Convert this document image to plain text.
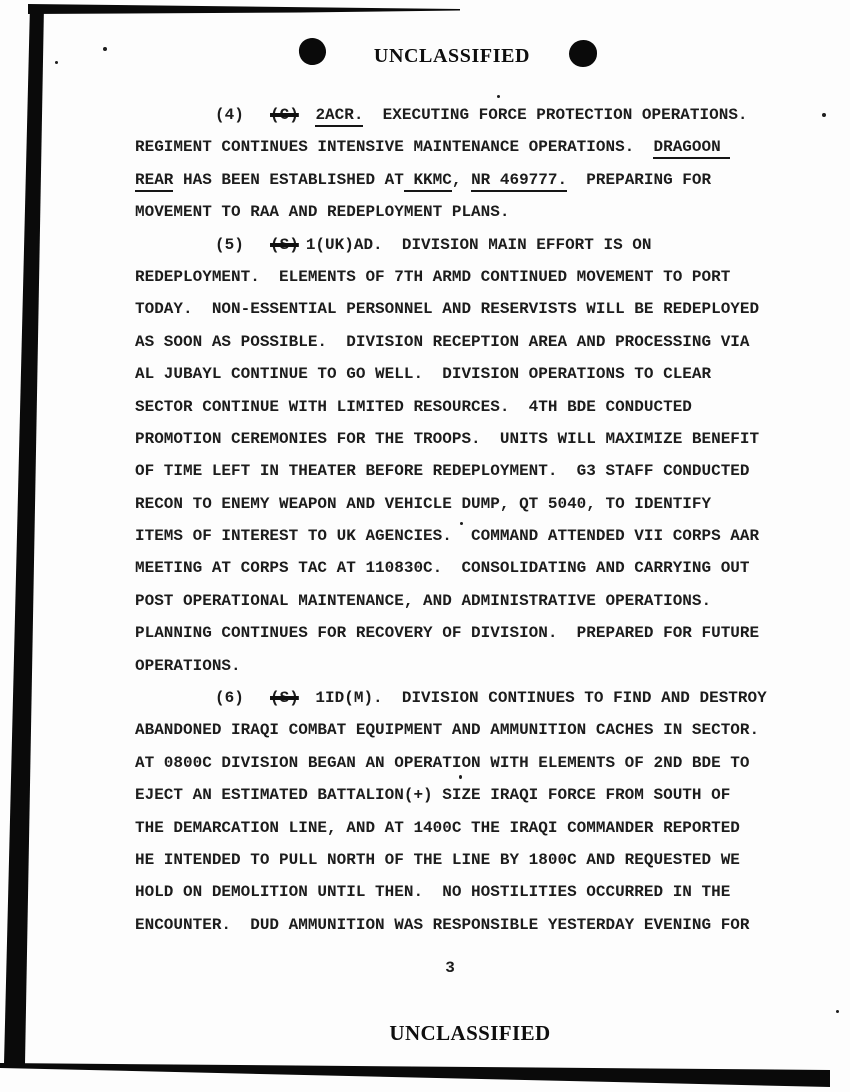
UNCLASSIFIED
(4)  (C) 2ACR.  EXECUTING FORCE PROTECTION OPERATIONS.
REGIMENT CONTINUES INTENSIVE MAINTENANCE OPERATIONS.  DRAGOON
REAR HAS BEEN ESTABLISHED AT KKMC, NR 469777.  PREPARING FOR
MOVEMENT TO RAA AND REDEPLOYMENT PLANS.
(5)  (S) 1(UK)AD.  DIVISION MAIN EFFORT IS ON
REDEPLOYMENT.  ELEMENTS OF 7TH ARMD CONTINUED MOVEMENT TO PORT
TODAY.  NON-ESSENTIAL PERSONNEL AND RESERVISTS WILL BE REDEPLOYED
AS SOON AS POSSIBLE.  DIVISION RECEPTION AREA AND PROCESSING VIA
AL JUBAYL CONTINUE TO GO WELL.  DIVISION OPERATIONS TO CLEAR
SECTOR CONTINUE WITH LIMITED RESOURCES.  4TH BDE CONDUCTED
PROMOTION CEREMONIES FOR THE TROOPS.  UNITS WILL MAXIMIZE BENEFIT
OF TIME LEFT IN THEATER BEFORE REDEPLOYMENT.  G3 STAFF CONDUCTED
RECON TO ENEMY WEAPON AND VEHICLE DUMP, QT 5040, TO IDENTIFY
ITEMS OF INTEREST TO UK AGENCIES.  COMMAND ATTENDED VII CORPS AAR
MEETING AT CORPS TAC AT 110830C.  CONSOLIDATING AND CARRYING OUT
POST OPERATIONAL MAINTENANCE, AND ADMINISTRATIVE OPERATIONS.
PLANNING CONTINUES FOR RECOVERY OF DIVISION.  PREPARED FOR FUTURE
OPERATIONS.
(6)  (S) 1ID(M).  DIVISION CONTINUES TO FIND AND DESTROY
ABANDONED IRAQI COMBAT EQUIPMENT AND AMMUNITION CACHES IN SECTOR.
AT 0800C DIVISION BEGAN AN OPERATION WITH ELEMENTS OF 2ND BDE TO
EJECT AN ESTIMATED BATTALION(+) SIZE IRAQI FORCE FROM SOUTH OF
THE DEMARCATION LINE, AND AT 1400C THE IRAQI COMMANDER REPORTED
HE INTENDED TO PULL NORTH OF THE LINE BY 1800C AND REQUESTED WE
HOLD ON DEMOLITION UNTIL THEN.  NO HOSTILITIES OCCURRED IN THE
ENCOUNTER.  DUD AMMUNITION WAS RESPONSIBLE YESTERDAY EVENING FOR
3
UNCLASSIFIED
